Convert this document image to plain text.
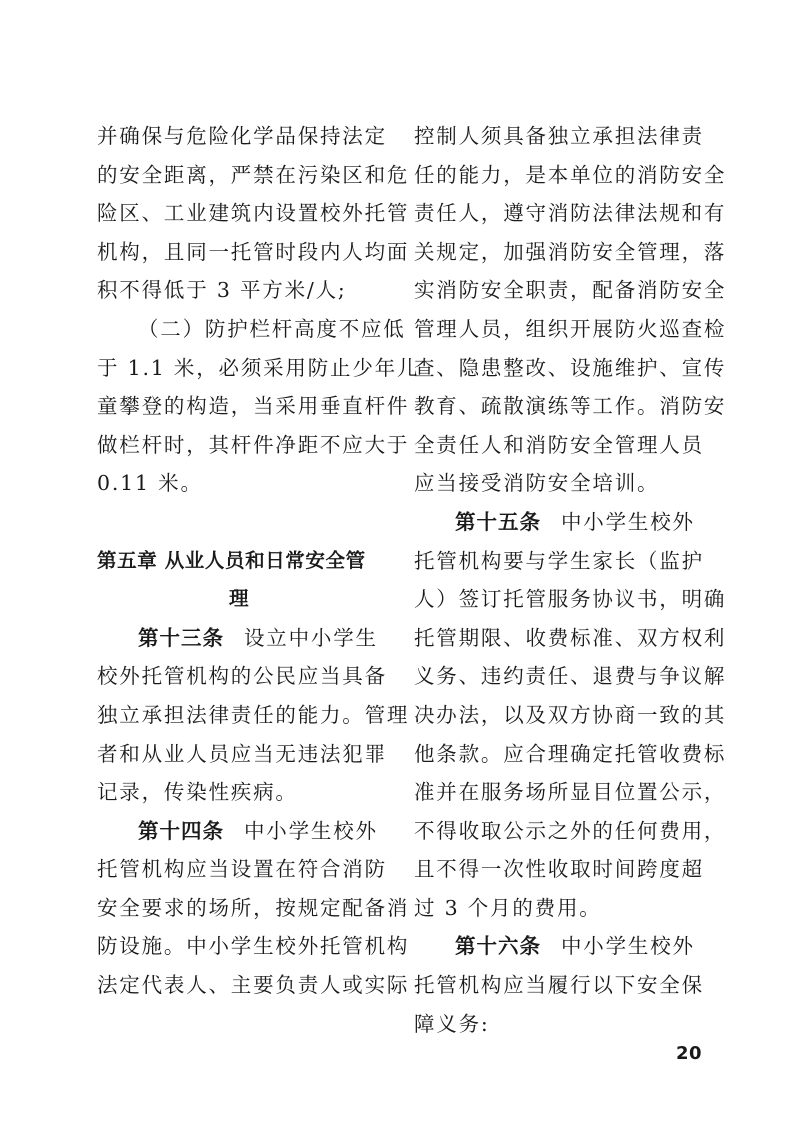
并确保与危险化学品保持法定
的安全距离，严禁在污染区和危
险区、工业建筑内设置校外托管
机构，且同一托管时段内人均面
积不得低于 3 平方米/人;
（二）防护栏杆高度不应低
于 1.1 米，必须采用防止少年儿
童攀登的构造，当采用垂直杆件
做栏杆时，其杆件净距不应大于
0.11 米。
第五章 从业人员和日常安全管
理
第十三条 设立中小学生
校外托管机构的公民应当具备
独立承担法律责任的能力。管理
者和从业人员应当无违法犯罪
记录，传染性疾病。
第十四条 中小学生校外
托管机构应当设置在符合消防
安全要求的场所，按规定配备消
防设施。中小学生校外托管机构
法定代表人、主要负责人或实际
控制人须具备独立承担法律责
任的能力，是本单位的消防安全
责任人，遵守消防法律法规和有
关规定，加强消防安全管理，落
实消防安全职责，配备消防安全
管理人员，组织开展防火巡查检
查、隐患整改、设施维护、宣传
教育、疏散演练等工作。消防安
全责任人和消防安全管理人员
应当接受消防安全培训。
第十五条 中小学生校外
托管机构要与学生家长（监护
人）签订托管服务协议书，明确
托管期限、收费标准、双方权利
义务、违约责任、退费与争议解
决办法，以及双方协商一致的其
他条款。应合理确定托管收费标
准并在服务场所显目位置公示，
不得收取公示之外的任何费用，
且不得一次性收取时间跨度超
过 3 个月的费用。
第十六条 中小学生校外
托管机构应当履行以下安全保
障义务:
20
